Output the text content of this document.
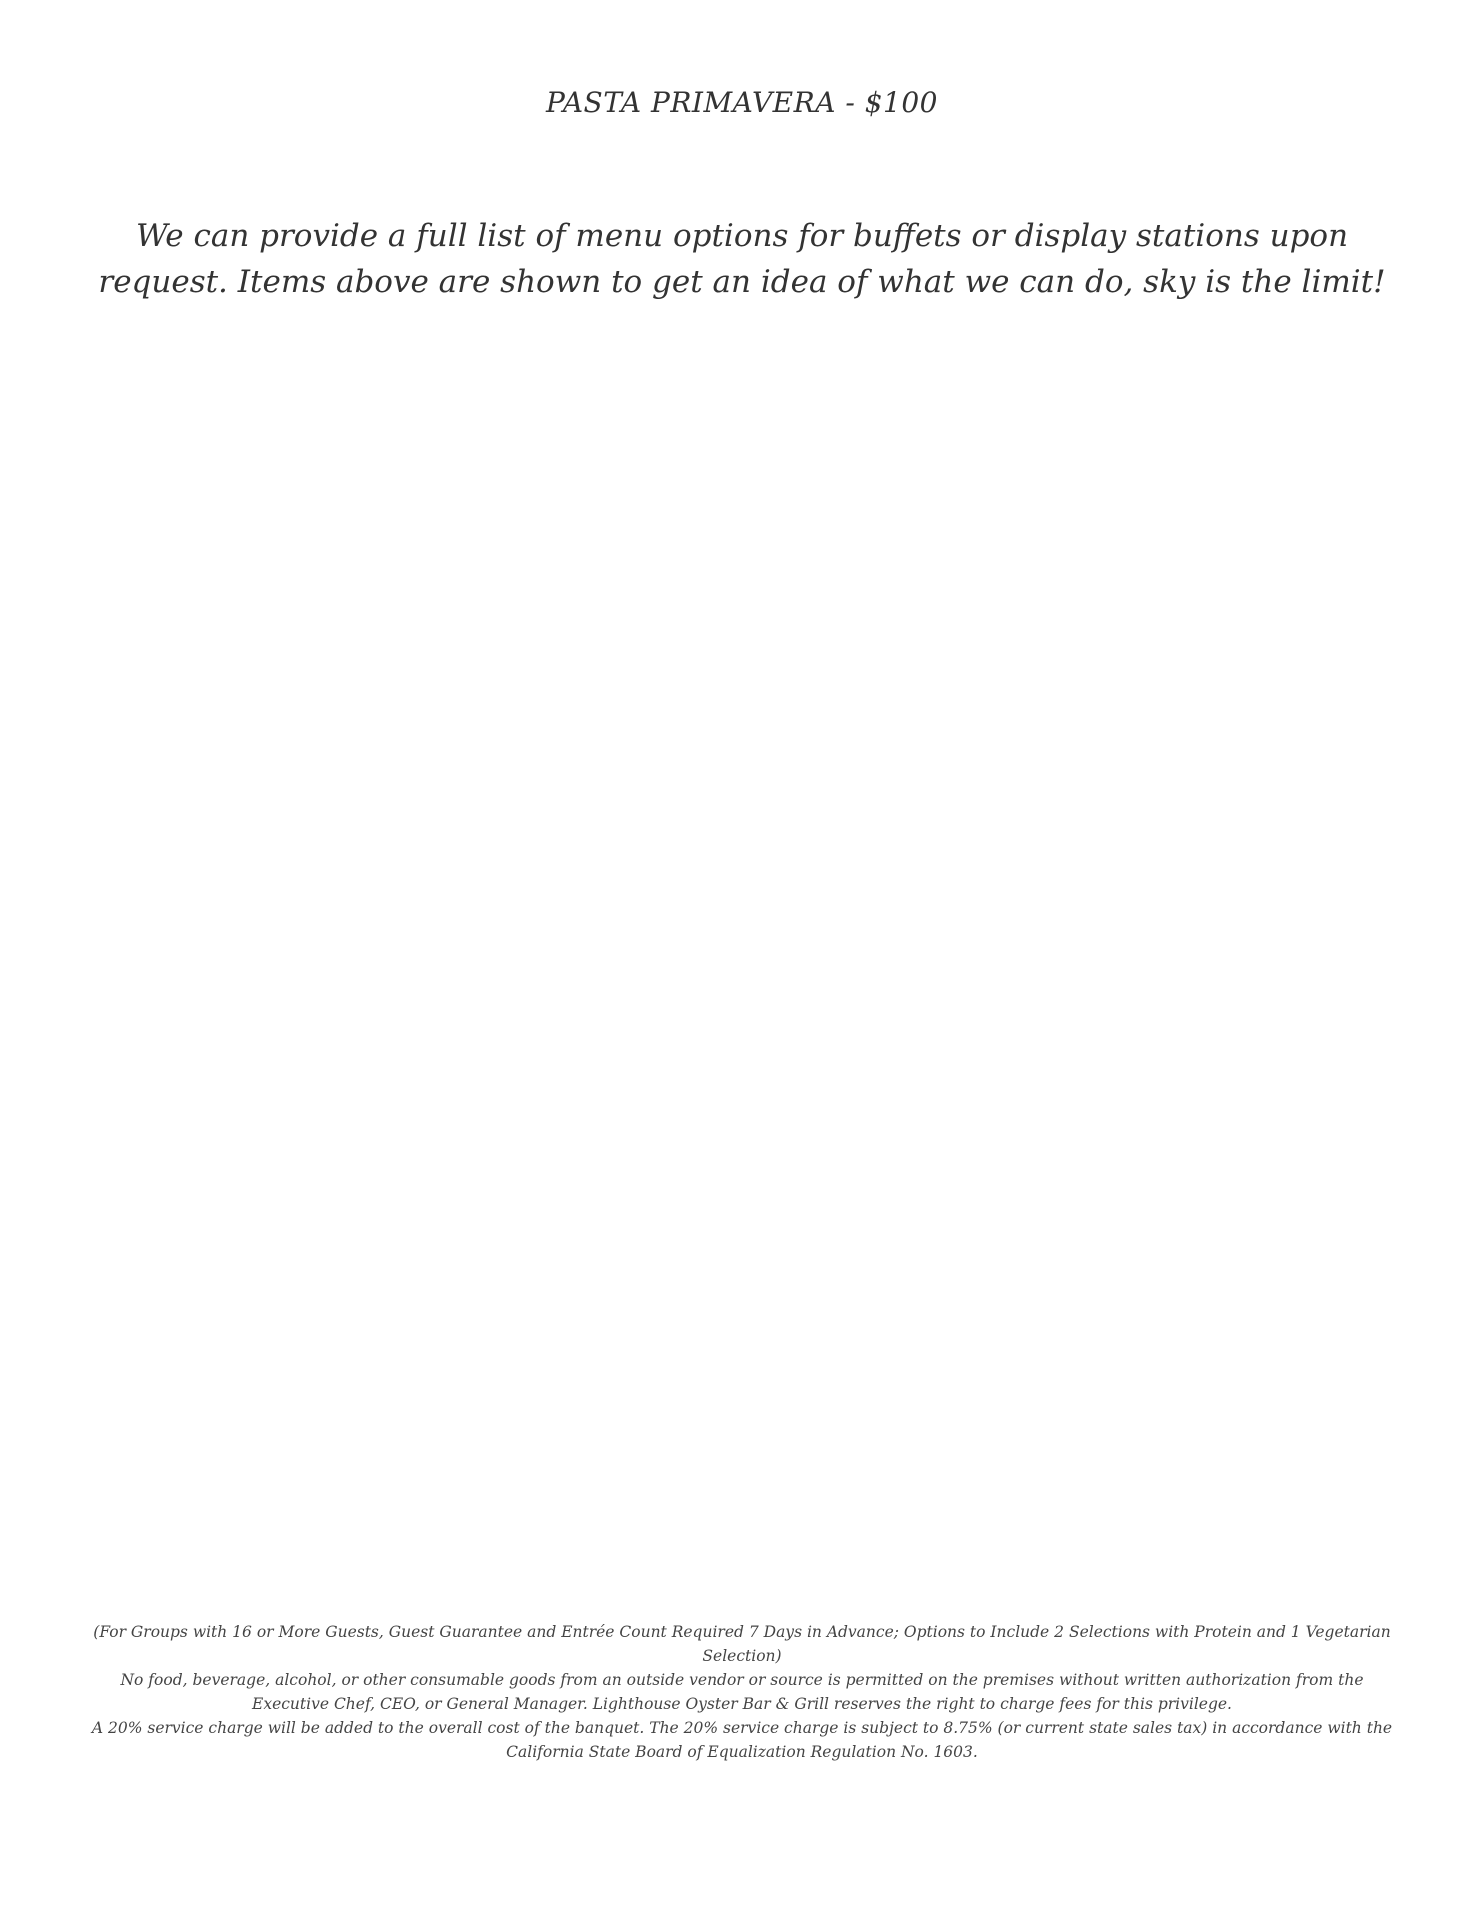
PASTA PRIMAVERA - $100
We can provide a full list of menu options for buffets or display stations upon request. Items above are shown to get an idea of what we can do, sky is the limit!

(For Groups with 16 or More Guests, Guest Guarantee and Entrée Count Required 7 Days in Advance; Options to Include 2 Selections with Protein and 1 Vegetarian Selection)

No food, beverage, alcohol, or other consumable goods from an outside vendor or source is permitted on the premises without written authorization from the Executive Chef, CEO, or General Manager. Lighthouse Oyster Bar & Grill reserves the right to charge fees for this privilege.

A 20% service charge will be added to the overall cost of the banquet. The 20% service charge is subject to 8.75% (or current state sales tax) in accordance with the California State Board of Equalization Regulation No. 1603.
